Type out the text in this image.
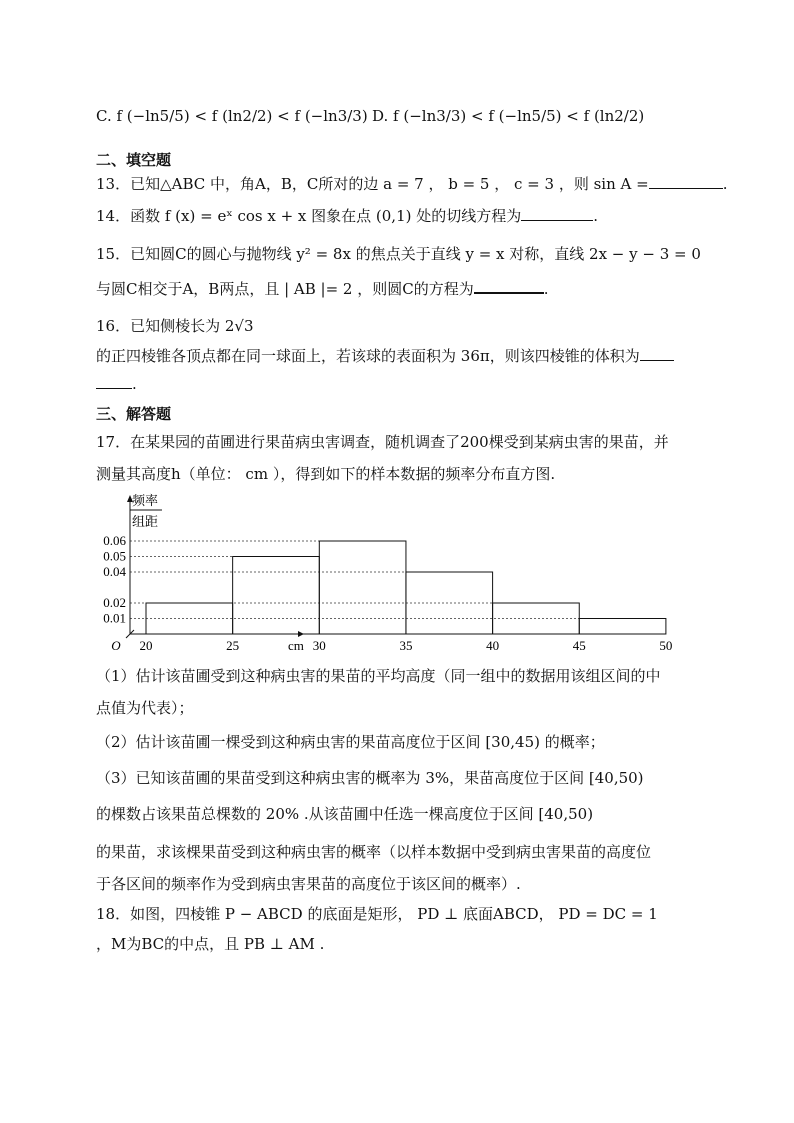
C. f (−ln5/5) < f (ln2/2) < f (−ln3/3) D. f (−ln3/3) < f (−ln5/5) < f (ln2/2)
二、填空题
13．已知△ABC 中，角A，B，C所对的边 a = 7 ， b = 5 ， c = 3 ，则 sin A =	.
14．函数 f (x) = eˣ cos x + x 图象在点 (0,1) 处的切线方程为	.
15．已知圆C的圆心与抛物线 y² = 8x 的焦点关于直线 y = x 对称，直线 2x − y − 3 = 0
与圆C相交于A，B两点，且 | AB |= 2 ，则圆C的方程为	.
16．已知侧棱长为 2√3
的正四棱锥各顶点都在同一球面上，若该球的表面积为 36π，则该四棱锥的体积为
.
三、解答题
17．在某果园的苗圃进行果苗病虫害调查，随机调查了200棵受到某病虫害的果苗，并
测量其高度h（单位： cm ），得到如下的样本数据的频率分布直方图.
频率
组距
20	25	30	35	40	45	50
0.01
0.02
0.04
0.05
0.06
O	cm
（1）估计该苗圃受到这种病虫害的果苗的平均高度（同一组中的数据用该组区间的中
点值为代表）；
（2）估计该苗圃一棵受到这种病虫害的果苗高度位于区间 [30,45) 的概率；
（3）已知该苗圃的果苗受到这种病虫害的概率为 3%，果苗高度位于区间 [40,50)
的棵数占该果苗总棵数的 20% .从该苗圃中任选一棵高度位于区间 [40,50)
的果苗，求该棵果苗受到这种病虫害的概率（以样本数据中受到病虫害果苗的高度位
于各区间的频率作为受到病虫害果苗的高度位于该区间的概率）.
18．如图，四棱锥 P − ABCD 的底面是矩形， PD ⊥ 底面ABCD， PD = DC = 1
，M为BC的中点，且 PB ⊥ AM .
